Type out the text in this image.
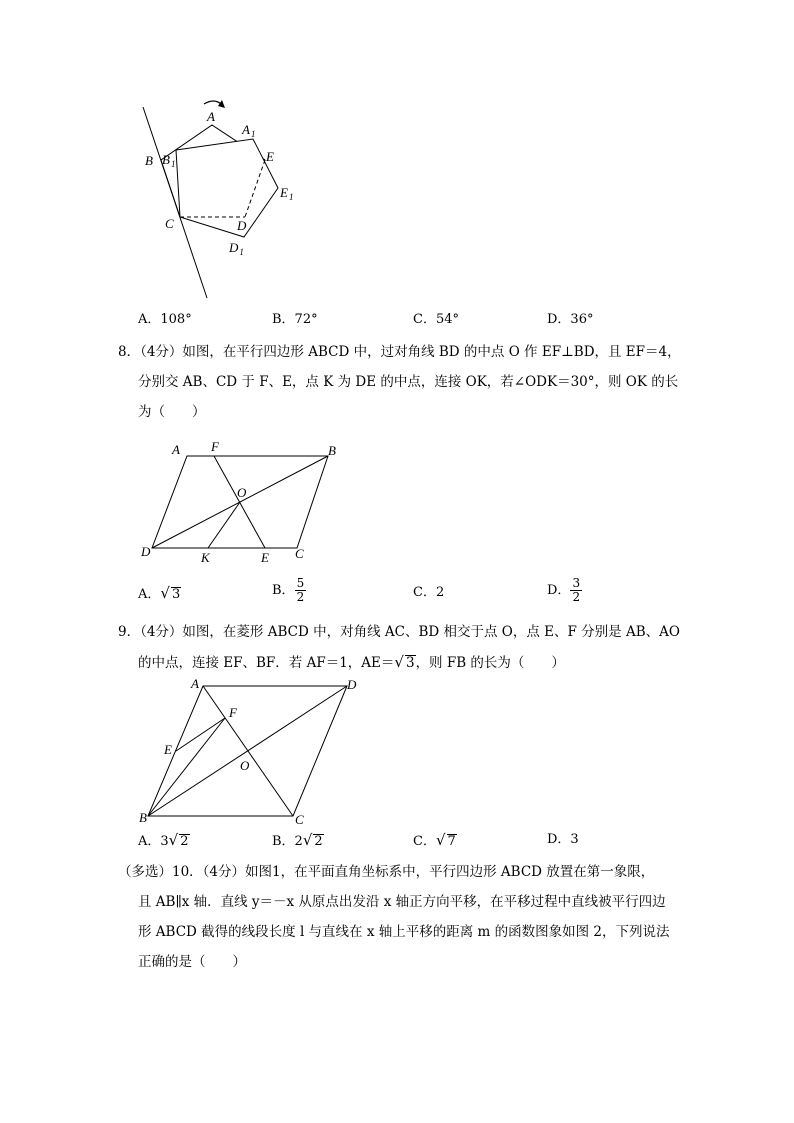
A
$A_1$
B $B_1$	E
$E_1$
C	D
$D_1$
A．108°	B．72°	C．54°	D．36°
8．（4分）如图，在平行四边形 ABCD 中，过对角线 BD 的中点 O 作 EF⊥BD，且 EF＝4，
分别交 AB、CD 于 F、E，点 K 为 DE 的中点，连接 OK，若∠ODK＝30°，则 OK 的长
为（　　）
A F	B
O
D	K	E C
A．√ 3	B． $\frac{5}{2}$	C．2	D． $\frac{3}{2}$
9．（4分）如图，在菱形 ABCD 中，对角线 AC、BD 相交于点 O，点 E、F 分别是 AB、AO
的中点，连接 EF、BF．若 AF＝1，AE＝√ 3，则 FB 的长为（　　）
A	D
F
E
O
B	C
A．3√ 2	B．2√ 2	C．√ 7	D．3
（多选）10．（4分）如图1，在平面直角坐标系中，平行四边形 ABCD 放置在第一象限，
且 AB∥x 轴．直线 y＝－x 从原点出发沿 x 轴正方向平移，在平移过程中直线被平行四边
形 ABCD 截得的线段长度 l 与直线在 x 轴上平移的距离 m 的函数图象如图 2，下列说法
正确的是（　　）
